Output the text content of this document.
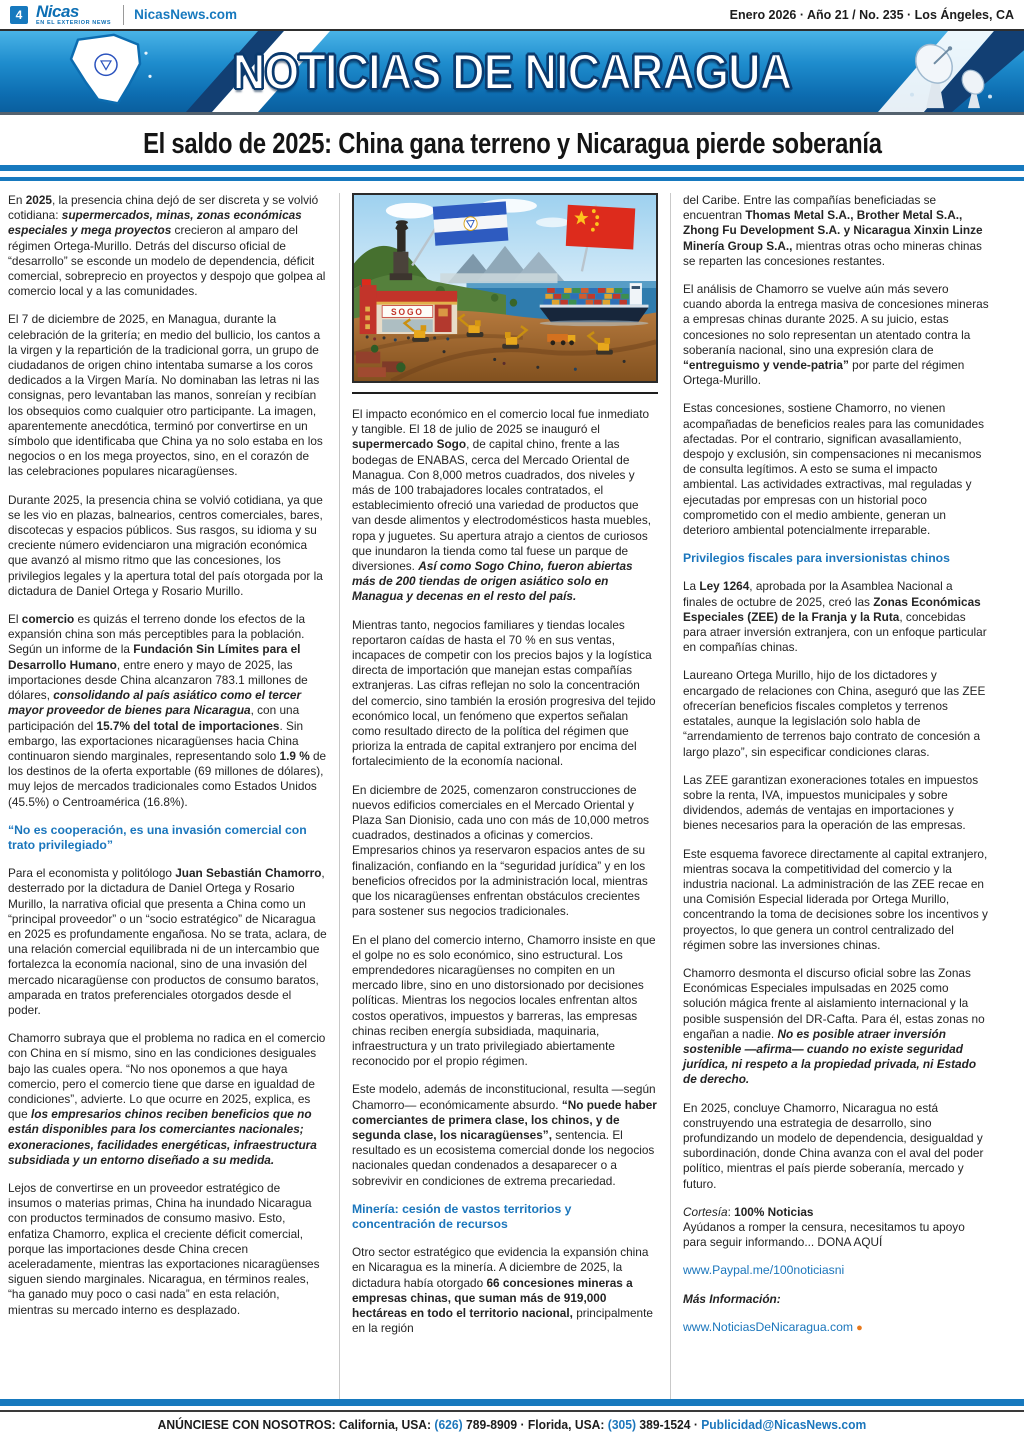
4 Nicas
EN EL EXTERIOR NEWS
NicasNews.com	Enero 2026 · Año 21 / No. 235 · Los Ángeles, CA
NOTICIAS DE NICARAGUA
El saldo de 2025: China gana terreno y Nicaragua pierde soberanía

En 2025, la presencia china dejó de ser discreta y se volvió cotidiana: supermercados, minas, zonas económicas especiales y mega proyectos crecieron al amparo del régimen Ortega-Murillo. Detrás del discurso oficial de “desarrollo” se esconde un modelo de dependencia, déficit comercial, sobreprecio en proyectos y despojo que golpea al comercio local y a las comunidades.

El 7 de diciembre de 2025, en Managua, durante la celebración de la gritería; en medio del bullicio, los cantos a la virgen y la repartición de la tradicional gorra, un grupo de ciudadanos de origen chino intentaba sumarse a los coros dedicados a la Virgen María. No dominaban las letras ni las consignas, pero levantaban las manos, sonreían y recibían los obsequios como cualquier otro participante. La imagen, aparentemente anecdótica, terminó por convertirse en un símbolo que identificaba que China ya no solo estaba en los negocios o en los mega proyectos, sino, en el corazón de las celebraciones populares nicaragüenses.

Durante 2025, la presencia china se volvió cotidiana, ya que se les vio en plazas, balnearios, centros comerciales, bares, discotecas y espacios públicos. Sus rasgos, su idioma y su creciente número evidenciaron una migración económica que avanzó al mismo ritmo que las concesiones, los privilegios legales y la apertura total del país otorgada por la dictadura de Daniel Ortega y Rosario Murillo.

El comercio es quizás el terreno donde los efectos de la expansión china son más perceptibles para la población. Según un informe de la Fundación Sin Límites para el Desarrollo Humano, entre enero y mayo de 2025, las importaciones desde China alcanzaron 783.1 millones de dólares, consolidando al país asiático como el tercer mayor proveedor de bienes para Nicaragua, con una participación del 15.7% del total de importaciones. Sin embargo, las exportaciones nicaragüenses hacia China continuaron siendo marginales, representando solo 1.9 % de los destinos de la oferta exportable (69 millones de dólares), muy lejos de mercados tradicionales como Estados Unidos (45.5%) o Centroamérica (16.8%).

“No es cooperación, es una invasión comercial con trato privilegiado”

Para el economista y politólogo Juan Sebastián Chamorro, desterrado por la dictadura de Daniel Ortega y Rosario Murillo, la narrativa oficial que presenta a China como un “principal proveedor” o un “socio estratégico” de Nicaragua en 2025 es profundamente engañosa. No se trata, aclara, de una relación comercial equilibrada ni de un intercambio que fortalezca la economía nacional, sino de una invasión del mercado nicaragüense con productos de consumo baratos, amparada en tratos preferenciales otorgados desde el poder.

Chamorro subraya que el problema no radica en el comercio con China en sí mismo, sino en las condiciones desiguales bajo las cuales opera. “No nos oponemos a que haya comercio, pero el comercio tiene que darse en igualdad de condiciones”, advierte. Lo que ocurre en 2025, explica, es que los empresarios chinos reciben beneficios que no están disponibles para los comerciantes nacionales; exoneraciones, facilidades energéticas, infraestructura subsidiada y un entorno diseñado a su medida.

Lejos de convertirse en un proveedor estratégico de insumos o materias primas, China ha inundado Nicaragua con productos terminados de consumo masivo. Esto, enfatiza Chamorro, explica el creciente déficit comercial, porque las importaciones desde China crecen aceleradamente, mientras las exportaciones nicaragüenses siguen siendo marginales. Nicaragua, en términos reales, “ha ganado muy poco o casi nada” en esta relación, mientras su mercado interno es desplazado.

SOGO

El impacto económico en el comercio local fue inmediato y tangible. El 18 de julio de 2025 se inauguró el supermercado Sogo, de capital chino, frente a las bodegas de ENABAS, cerca del Mercado Oriental de Managua. Con 8,000 metros cuadrados, dos niveles y más de 100 trabajadores locales contratados, el establecimiento ofreció una variedad de productos que van desde alimentos y electrodomésticos hasta muebles, ropa y juguetes. Su apertura atrajo a cientos de curiosos que inundaron la tienda como tal fuese un parque de diversiones. Así como Sogo Chino, fueron abiertas más de 200 tiendas de origen asiático solo en Managua y decenas en el resto del país.

Mientras tanto, negocios familiares y tiendas locales reportaron caídas de hasta el 70 % en sus ventas, incapaces de competir con los precios bajos y la logística directa de importación que manejan estas compañías extranjeras. Las cifras reflejan no solo la concentración del comercio, sino también la erosión progresiva del tejido económico local, un fenómeno que expertos señalan como resultado directo de la política del régimen que prioriza la entrada de capital extranjero por encima del fortalecimiento de la economía nacional.

En diciembre de 2025, comenzaron construcciones de nuevos edificios comerciales en el Mercado Oriental y Plaza San Dionisio, cada uno con más de 10,000 metros cuadrados, destinados a oficinas y comercios. Empresarios chinos ya reservaron espacios antes de su finalización, confiando en la “seguridad jurídica” y en los beneficios ofrecidos por la administración local, mientras que los nicaragüenses enfrentan obstáculos crecientes para sostener sus negocios tradicionales.

En el plano del comercio interno, Chamorro insiste en que el golpe no es solo económico, sino estructural. Los emprendedores nicaragüenses no compiten en un mercado libre, sino en uno distorsionado por decisiones políticas. Mientras los negocios locales enfrentan altos costos operativos, impuestos y barreras, las empresas chinas reciben energía subsidiada, maquinaria, infraestructura y un trato privilegiado abiertamente reconocido por el propio régimen.

Este modelo, además de inconstitucional, resulta —según Chamorro— económicamente absurdo. “No puede haber comerciantes de primera clase, los chinos, y de segunda clase, los nicaragüenses”, sentencia. El resultado es un ecosistema comercial donde los negocios nacionales quedan condenados a desaparecer o a sobrevivir en condiciones de extrema precariedad.

Minería: cesión de vastos territorios y concentración de recursos

Otro sector estratégico que evidencia la expansión china en Nicaragua es la minería. A diciembre de 2025, la dictadura había otorgado 66 concesiones mineras a empresas chinas, que suman más de 919,000 hectáreas en todo el territorio nacional, principalmente en la región

del Caribe. Entre las compañías beneficiadas se encuentran Thomas Metal S.A., Brother Metal S.A., Zhong Fu Development S.A. y Nicaragua Xinxin Linze Minería Group S.A., mientras otras ocho mineras chinas se reparten las concesiones restantes.

El análisis de Chamorro se vuelve aún más severo cuando aborda la entrega masiva de concesiones mineras a empresas chinas durante 2025. A su juicio, estas concesiones no solo representan un atentado contra la soberanía nacional, sino una expresión clara de “entreguismo y vende-patria” por parte del régimen Ortega-Murillo.

Estas concesiones, sostiene Chamorro, no vienen acompañadas de beneficios reales para las comunidades afectadas. Por el contrario, significan avasallamiento, despojo y exclusión, sin compensaciones ni mecanismos de consulta legítimos. A esto se suma el impacto ambiental. Las actividades extractivas, mal reguladas y ejecutadas por empresas con un historial poco comprometido con el medio ambiente, generan un deterioro ambiental potencialmente irreparable.

Privilegios fiscales para inversionistas chinos

La Ley 1264, aprobada por la Asamblea Nacional a finales de octubre de 2025, creó las Zonas Económicas Especiales (ZEE) de la Franja y la Ruta, concebidas para atraer inversión extranjera, con un enfoque particular en compañías chinas.

Laureano Ortega Murillo, hijo de los dictadores y encargado de relaciones con China, aseguró que las ZEE ofrecerían beneficios fiscales completos y terrenos estatales, aunque la legislación solo habla de “arrendamiento de terrenos bajo contrato de concesión a largo plazo”, sin especificar condiciones claras.

Las ZEE garantizan exoneraciones totales en impuestos sobre la renta, IVA, impuestos municipales y sobre dividendos, además de ventajas en importaciones y bienes necesarios para la operación de las empresas.

Este esquema favorece directamente al capital extranjero, mientras socava la competitividad del comercio y la industria nacional. La administración de las ZEE recae en una Comisión Especial liderada por Ortega Murillo, concentrando la toma de decisiones sobre los incentivos y proyectos, lo que genera un control centralizado del régimen sobre las inversiones chinas.

Chamorro desmonta el discurso oficial sobre las Zonas Económicas Especiales impulsadas en 2025 como solución mágica frente al aislamiento internacional y la posible suspensión del DR-Cafta. Para él, estas zonas no engañan a nadie. No es posible atraer inversión sostenible —afirma— cuando no existe seguridad jurídica, ni respeto a la propiedad privada, ni Estado de derecho.

En 2025, concluye Chamorro, Nicaragua no está construyendo una estrategia de desarrollo, sino profundizando un modelo de dependencia, desigualdad y subordinación, donde China avanza con el aval del poder político, mientras el país pierde soberanía, mercado y futuro.

Cortesía: 100% Noticias
Ayúdanos a romper la censura, necesitamos tu apoyo para seguir informando... DONA AQUÍ

www.Paypal.me/100noticiasni

Más Información:

www.NoticiasDeNicaragua.com ●

ANÚNCIESE CON NOSOTROS: California, USA: (626) 789-8909 · Florida, USA: (305) 389-1524 · Publicidad@NicasNews.com
